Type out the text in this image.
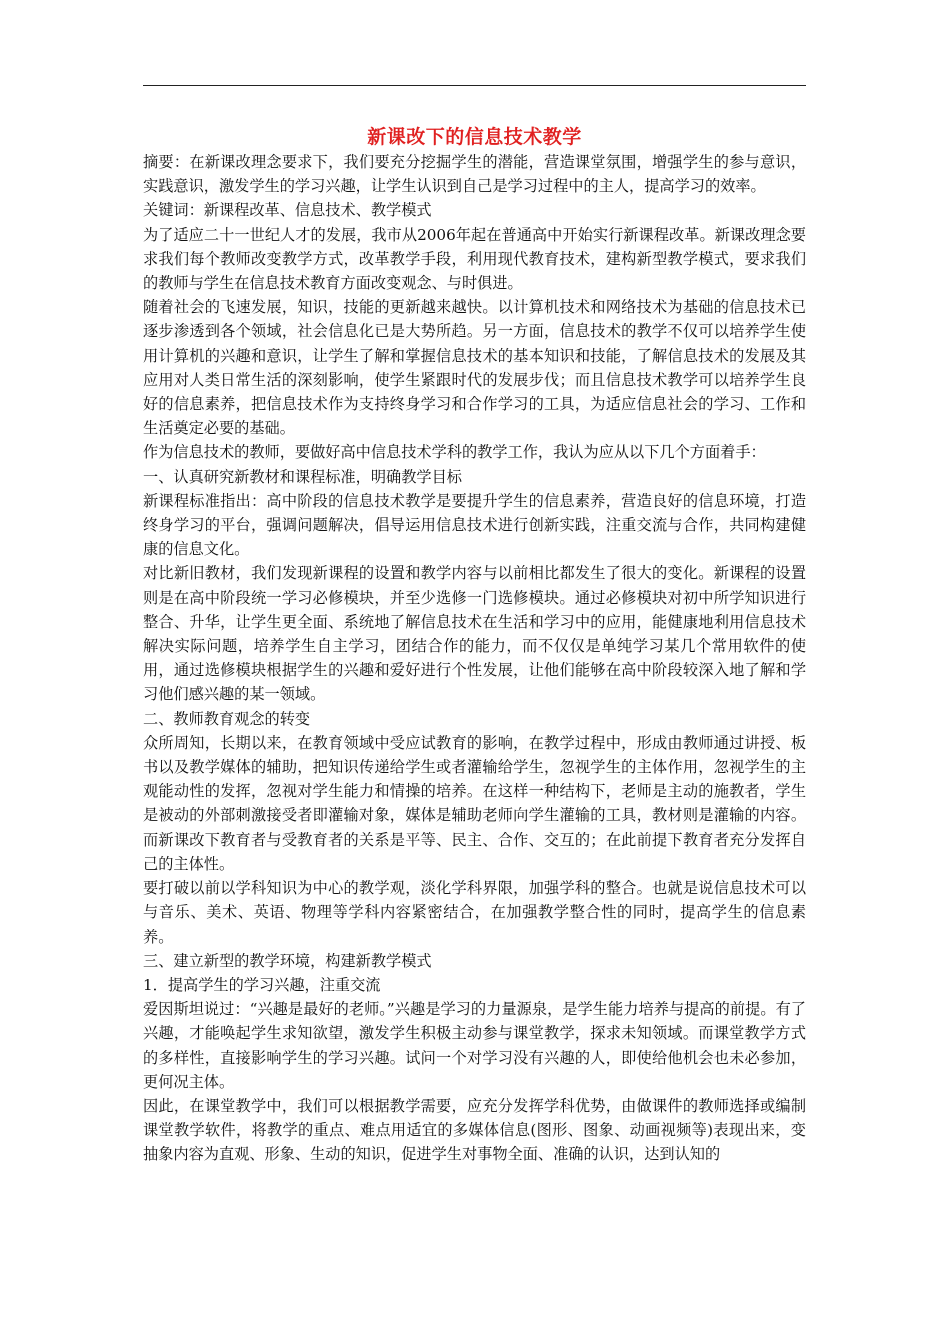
新课改下的信息技术教学

摘要：在新课改理念要求下，我们要充分挖掘学生的潜能，营造课堂氛围，增强学生的参与意识，实践意识，激发学生的学习兴趣，让学生认识到自己是学习过程中的主人，提高学习的效率。

关键词：新课程改革、信息技术、教学模式

为了适应二十一世纪人才的发展，我市从2006年起在普通高中开始实行新课程改革。新课改理念要求我们每个教师改变教学方式，改革教学手段，利用现代教育技术，建构新型教学模式，要求我们的教师与学生在信息技术教育方面改变观念、与时俱进。

随着社会的飞速发展，知识，技能的更新越来越快。以计算机技术和网络技术为基础的信息技术已逐步渗透到各个领域，社会信息化已是大势所趋。另一方面，信息技术的教学不仅可以培养学生使用计算机的兴趣和意识，让学生了解和掌握信息技术的基本知识和技能，了解信息技术的发展及其应用对人类日常生活的深刻影响，使学生紧跟时代的发展步伐；而且信息技术教学可以培养学生良好的信息素养，把信息技术作为支持终身学习和合作学习的工具，为适应信息社会的学习、工作和生活奠定必要的基础。

作为信息技术的教师，要做好高中信息技术学科的教学工作，我认为应从以下几个方面着手：

一、认真研究新教材和课程标准，明确教学目标

新课程标准指出：高中阶段的信息技术教学是要提升学生的信息素养，营造良好的信息环境，打造终身学习的平台，强调问题解决，倡导运用信息技术进行创新实践，注重交流与合作，共同构建健康的信息文化。

对比新旧教材，我们发现新课程的设置和教学内容与以前相比都发生了很大的变化。新课程的设置则是在高中阶段统一学习必修模块，并至少选修一门选修模块。通过必修模块对初中所学知识进行整合、升华，让学生更全面、系统地了解信息技术在生活和学习中的应用，能健康地利用信息技术解决实际问题，培养学生自主学习，团结合作的能力，而不仅仅是单纯学习某几个常用软件的使用，通过选修模块根据学生的兴趣和爱好进行个性发展，让他们能够在高中阶段较深入地了解和学习他们感兴趣的某一领域。

二、教师教育观念的转变

众所周知，长期以来，在教育领域中受应试教育的影响，在教学过程中，形成由教师通过讲授、板书以及教学媒体的辅助，把知识传递给学生或者灌输给学生，忽视学生的主体作用，忽视学生的主观能动性的发挥，忽视对学生能力和情操的培养。在这样一种结构下，老师是主动的施教者，学生是被动的外部刺激接受者即灌输对象，媒体是辅助老师向学生灌输的工具，教材则是灌输的内容。而新课改下教育者与受教育者的关系是平等、民主、合作、交互的；在此前提下教育者充分发挥自己的主体性。

要打破以前以学科知识为中心的教学观，淡化学科界限，加强学科的整合。也就是说信息技术可以与音乐、美术、英语、物理等学科内容紧密结合，在加强教学整合性的同时，提高学生的信息素养。

三、建立新型的教学环境，构建新教学模式

1．提高学生的学习兴趣，注重交流

爱因斯坦说过：“兴趣是最好的老师。”兴趣是学习的力量源泉，是学生能力培养与提高的前提。有了兴趣，才能唤起学生求知欲望，激发学生积极主动参与课堂教学，探求未知领域。而课堂教学方式的多样性，直接影响学生的学习兴趣。试问一个对学习没有兴趣的人，即使给他机会也未必参加，更何况主体。

因此，在课堂教学中，我们可以根据教学需要，应充分发挥学科优势，由做课件的教师选择或编制课堂教学软件，将教学的重点、难点用适宜的多媒体信息(图形、图象、动画视频等)表现出来，变抽象内容为直观、形象、生动的知识，促进学生对事物全面、准确的认识，达到认知的
